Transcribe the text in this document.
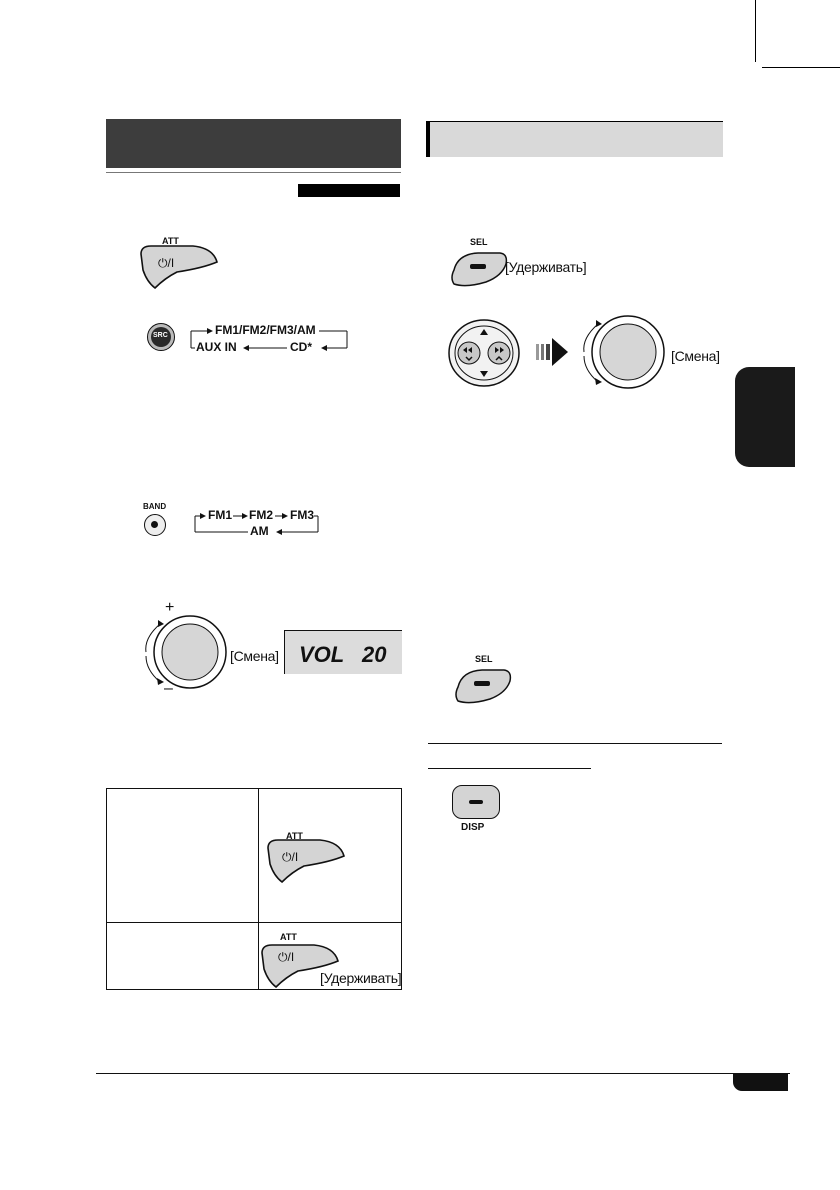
ATT
⏻/I
SRC	FM1/FM2/FM3/AM
AUX IN	CD*
BAND
FM1 FM2 FM3
AM
+
–
[Смена] VOL 20
ATT
⏻/I
ATT
⏻/I
[Удерживать]
SEL
[Удерживать]
[Смена]
SEL
DISP
